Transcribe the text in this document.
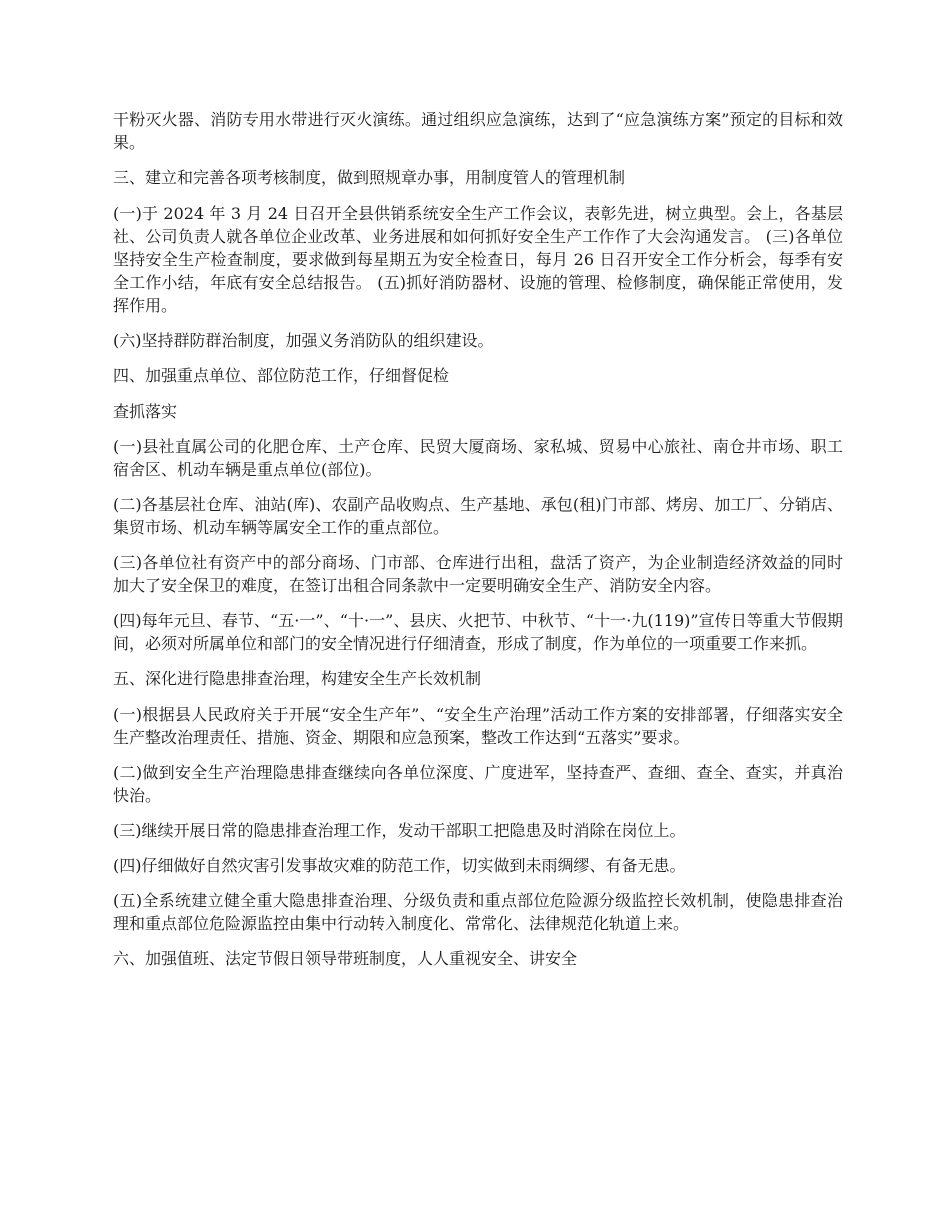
干粉灭火器、消防专用水带进行灭火演练。通过组织应急演练，达到了“应急演练方案”预定的目标和效果。

三、建立和完善各项考核制度，做到照规章办事，用制度管人的管理机制

(一)于 2024 年 3 月 24 日召开全县供销系统安全生产工作会议，表彰先进，树立典型。会上，各基层社、公司负责人就各单位企业改革、业务进展和如何抓好安全生产工作作了大会沟通发言。 (三)各单位坚持安全生产检查制度，要求做到每星期五为安全检查日，每月 26 日召开安全工作分析会，每季有安全工作小结，年底有安全总结报告。 (五)抓好消防器材、设施的管理、检修制度，确保能正常使用，发挥作用。

(六)坚持群防群治制度，加强义务消防队的组织建设。

四、加强重点单位、部位防范工作，仔细督促检

查抓落实

(一)县社直属公司的化肥仓库、土产仓库、民贸大厦商场、家私城、贸易中心旅社、南仓井市场、职工宿舍区、机动车辆是重点单位(部位)。

(二)各基层社仓库、油站(库)、农副产品收购点、生产基地、承包(租)门市部、烤房、加工厂、分销店、集贸市场、机动车辆等属安全工作的重点部位。

(三)各单位社有资产中的部分商场、门市部、仓库进行出租，盘活了资产，为企业制造经济效益的同时加大了安全保卫的难度，在签订出租合同条款中一定要明确安全生产、消防安全内容。

(四)每年元旦、春节、“五·一”、“十·一”、县庆、火把节、中秋节、“十一·九(119)”宣传日等重大节假期间，必须对所属单位和部门的安全情况进行仔细清查，形成了制度，作为单位的一项重要工作来抓。

五、深化进行隐患排查治理，构建安全生产长效机制

(一)根据县人民政府关于开展“安全生产年”、“安全生产治理”活动工作方案的安排部署，仔细落实安全生产整改治理责任、措施、资金、期限和应急预案，整改工作达到“五落实”要求。

(二)做到安全生产治理隐患排查继续向各单位深度、广度进军，坚持查严、查细、查全、查实，并真治快治。

(三)继续开展日常的隐患排查治理工作，发动干部职工把隐患及时消除在岗位上。

(四)仔细做好自然灾害引发事故灾难的防范工作，切实做到未雨绸缪、有备无患。

(五)全系统建立健全重大隐患排查治理、分级负责和重点部位危险源分级监控长效机制，使隐患排查治理和重点部位危险源监控由集中行动转入制度化、常常化、法律规范化轨道上来。

六、加强值班、法定节假日领导带班制度，人人重视安全、讲安全
